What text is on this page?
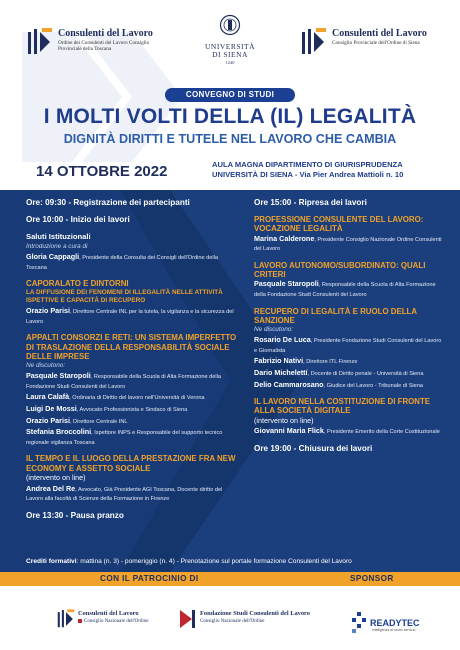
Consulenti del Lavoro
Ordine dei Consulenti del Lavoro Consiglio Provinciale della Toscana	UNIVERSITÀ
DI SIENA
1240
Consulenti del Lavoro
Consiglio Provinciale dell'Ordine di Siena
CONVEGNO DI STUDI
I MOLTI VOLTI DELLA (IL) LEGALITÀ
DIGNITÀ DIRITTI E TUTELE NEL LAVORO CHE CAMBIA
14 OTTOBRE 2022	AULA MAGNA DIPARTIMENTO DI GIURISPRUDENZA
UNIVERSITÀ DI SIENA - Via Pier Andrea Mattioli n. 10
Ore: 09:30 - Registrazione dei partecipanti
Ore 10:00 - Inizio dei lavori
Saluti Istituzionali
Introduzione a cura di
Gloria Cappagli, Presidente della Consulta dei Consigli dell'Ordine della Toscana
CAPORALATO E DINTORNI
LA DIFFUSIONE DEI FENOMENI DI ILLEGALITÀ NELLE ATTIVITÀ ISPETTIVE E CAPACITÀ DI RECUPERO
Orazio Parisi, Direttore Centrale INL per la tutela, la vigilanza e la sicurezza del Lavoro
APPALTI CONSORZI E RETI: UN SISTEMA IMPERFETTO DI TRASLAZIONE DELLA RESPONSABILITÀ SOCIALE DELLE IMPRESE
Ne discutono:
Pasquale Staropoli, Responsabile della Scuola di Alta Formazione della Fondazione Studi Consulenti del Lavoro
Laura Calafà, Ordinaria di Diritto del lavoro nell'Università di Verona
Luigi De Mossi, Avvocato Professionista e Sindaco di Siena
Orazio Parisi, Direttore Centrale INL
Stefania Broccolini, Ispettore INPS e Responsabile del supporto tecnico regionale vigilanza Toscana
IL TEMPO E IL LUOGO DELLA PRESTAZIONE FRA NEW ECONOMY E ASSETTO SOCIALE
(intervento on line)
Andrea Del Re, Avvocato, Già Presidente AGI Toscana, Docente diritto del Lavoro alla facoltà di Scienze della Formazione in Firenze
Ore 13:30 - Pausa pranzo
Ore 15:00 - Ripresa dei lavori
PROFESSIONE CONSULENTE DEL LAVORO: VOCAZIONE LEGALITÀ
Marina Calderone, Presidente Consiglio Nazionale Ordine Consulenti del Lavoro
LAVORO AUTONOMO/SUBORDINATO: QUALI CRITERI
Pasquale Staropoli, Responsabile della Scuola di Alta Formazione della Fondazione Studi Consulenti del Lavoro
RECUPERO DI LEGALITÀ E RUOLO DELLA SANZIONE
Ne discutono:
Rosario De Luca, Presidente Fondazione Studi Consulenti del Lavoro e Giornalista
Fabrizio Nativi, Direttore ITL Firenze
Dario Michelettí, Docente di Diritto penale - Università di Siena
Delio Cammarosano, Giudice del Lavoro - Tribunale di Siena
IL LAVORO NELLA COSTITUZIONE DI FRONTE ALLA SOCIETÀ DIGITALE
(intervento on line)
Giovanni Maria Flick, Presidente Emerito della Corte Costituzionale
Ore 19:00 - Chiusura dei lavori
Crediti formativi: mattina (n. 3) - pomeriggio (n. 4) - Prenotazione sul portale formazione Consulenti del Lavoro
CON IL PATROCINIO DI	SPONSOR
Consulenti del Lavoro
Consiglio Nazionale dell'Ordine
Fondazione Studi Consulenti del Lavoro
Consiglio Nazionale dell'Ordine	READYTEC
Intelligenza al vostro servizio
